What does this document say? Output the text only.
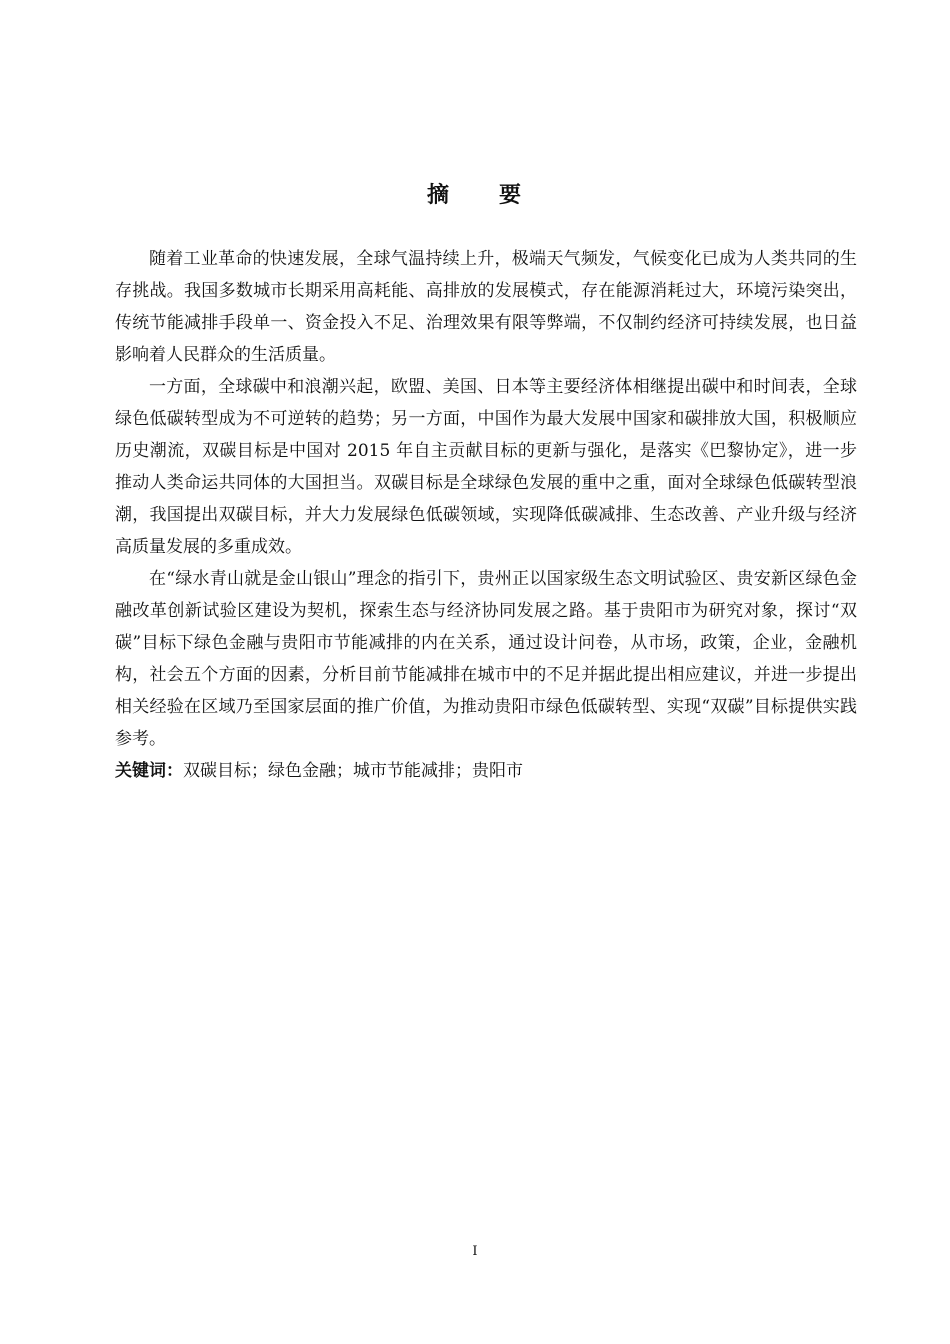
摘 要

随着工业革命的快速发展，全球气温持续上升，极端天气频发，气候变化已成为人类共同的生存挑战。我国多数城市长期采用高耗能、高排放的发展模式，存在能源消耗过大，环境污染突出，传统节能减排手段单一、资金投入不足、治理效果有限等弊端，不仅制约经济可持续发展，也日益影响着人民群众的生活质量。

一方面，全球碳中和浪潮兴起，欧盟、美国、日本等主要经济体相继提出碳中和时间表，全球绿色低碳转型成为不可逆转的趋势；另一方面，中国作为最大发展中国家和碳排放大国，积极顺应历史潮流，双碳目标是中国对 2015 年自主贡献目标的更新与强化，是落实《巴黎协定》，进一步推动人类命运共同体的大国担当。双碳目标是全球绿色发展的重中之重，面对全球绿色低碳转型浪潮，我国提出双碳目标，并大力发展绿色低碳领域，实现降低碳减排、生态改善、产业升级与经济高质量发展的多重成效。

在“绿水青山就是金山银山”理念的指引下，贵州正以国家级生态文明试验区、贵安新区绿色金融改革创新试验区建设为契机，探索生态与经济协同发展之路。基于贵阳市为研究对象，探讨“双碳”目标下绿色金融与贵阳市节能减排的内在关系，通过设计问卷，从市场，政策，企业，金融机构，社会五个方面的因素，分析目前节能减排在城市中的不足并据此提出相应建议，并进一步提出相关经验在区域乃至国家层面的推广价值，为推动贵阳市绿色低碳转型、实现“双碳”目标提供实践参考。

关键词：双碳目标；绿色金融；城市节能减排；贵阳市

I
